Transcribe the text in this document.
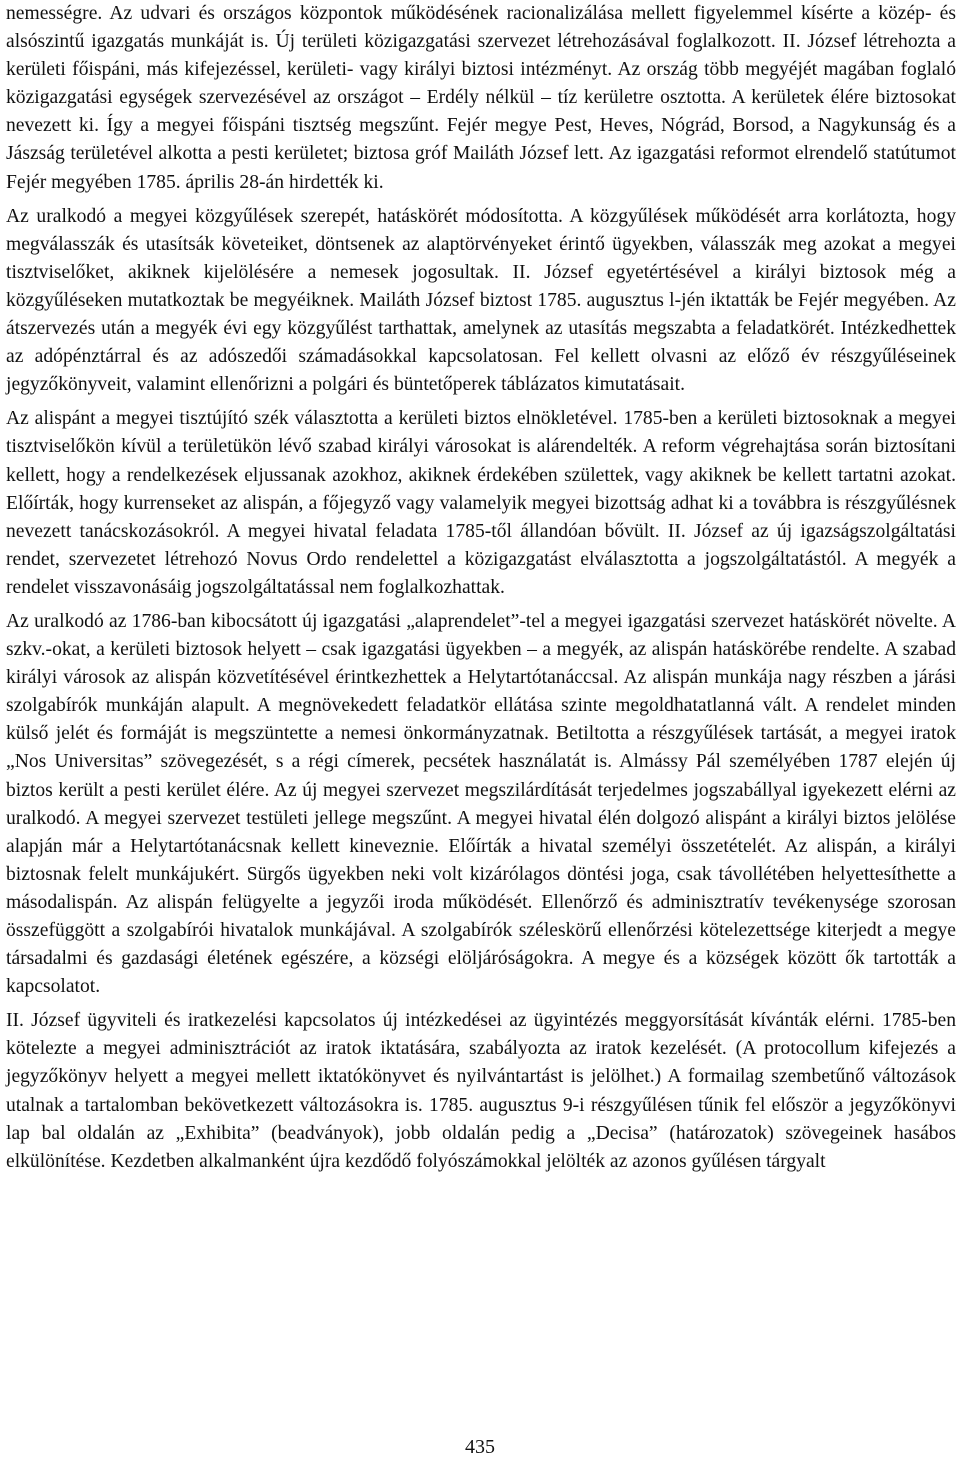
nemességre. Az udvari és országos központok működésének racionalizálása mellett figyelemmel kísérte a közép- és alsószintű igazgatás munkáját is. Új területi közigazgatási szervezet létrehozásával foglalkozott. II. József létrehozta a kerületi főispáni, más kifejezéssel, kerületi- vagy királyi biztosi intézményt. Az ország több megyéjét magában foglaló közigazgatási egységek szervezésével az országot – Erdély nélkül – tíz kerületre osztotta. A kerületek élére biztosokat nevezett ki. Így a megyei főispáni tisztség megszűnt. Fejér megye Pest, Heves, Nógrád, Borsod, a Nagykunság és a Jászság területével alkotta a pesti kerületet; biztosa gróf Mailáth József lett. Az igazgatási reformot elrendelő statútumot Fejér megyében 1785. április 28-án hirdették ki.

Az uralkodó a megyei közgyűlések szerepét, hatáskörét módosította. A közgyűlések működését arra korlátozta, hogy megválasszák és utasítsák követeiket, döntsenek az alaptörvényeket érintő ügyekben, válasszák meg azokat a megyei tisztviselőket, akiknek kijelölésére a nemesek jogosultak. II. József egyetértésével a királyi biztosok még a közgyűléseken mutatkoztak be megyéiknek. Mailáth József biztost 1785. augusztus l-jén iktatták be Fejér megyében. Az átszervezés után a megyék évi egy közgyűlést tarthattak, amelynek az utasítás megszabta a feladatkörét. Intézkedhettek az adópénztárral és az adószedői számadásokkal kapcsolatosan. Fel kellett olvasni az előző év részgyűléseinek jegyzőkönyveit, valamint ellenőrizni a polgári és büntetőperek táblázatos kimutatásait.

Az alispánt a megyei tisztújító szék választotta a kerületi biztos elnökletével. 1785-ben a kerületi biztosoknak a megyei tisztviselőkön kívül a területükön lévő szabad királyi városokat is alárendelték. A reform végrehajtása során biztosítani kellett, hogy a rendelkezések eljussanak azokhoz, akiknek érdekében születtek, vagy akiknek be kellett tartatni azokat. Előírták, hogy kurrenseket az alispán, a főjegyző vagy valamelyik megyei bizottság adhat ki a továbbra is részgyűlésnek nevezett tanácskozásokról. A megyei hivatal feladata 1785-től állandóan bővült. II. József az új igazságszolgáltatási rendet, szervezetet létrehozó Novus Ordo rendelettel a közigazgatást elválasztotta a jogszolgáltatástól. A megyék a rendelet visszavonásáig jogszolgáltatással nem foglalkozhattak.

Az uralkodó az 1786-ban kibocsátott új igazgatási „alaprendelet”-tel a megyei igazgatási szervezet hatáskörét növelte. A szkv.-okat, a kerületi biztosok helyett – csak igazgatási ügyekben – a megyék, az alispán hatáskörébe rendelte. A szabad királyi városok az alispán közvetítésével érintkezhettek a Helytartótanáccsal. Az alispán munkája nagy részben a járási szolgabírók munkáján alapult. A megnövekedett feladatkör ellátása szinte megoldhatatlanná vált. A rendelet minden külső jelét és formáját is megszüntette a nemesi önkormányzatnak. Betiltotta a részgyűlések tartását, a megyei iratok „Nos Universitas” szövegezését, s a régi címerek, pecsétek használatát is. Almássy Pál személyében 1787 elején új biztos került a pesti kerület élére. Az új megyei szervezet megszilárdítását terjedelmes jogszabállyal igyekezett elérni az uralkodó. A megyei szervezet testületi jellege megszűnt. A megyei hivatal élén dolgozó alispánt a királyi biztos jelölése alapján már a Helytartótanácsnak kellett kineveznie. Előírták a hivatal személyi összetételét. Az alispán, a királyi biztosnak felelt munkájukért. Sürgős ügyekben neki volt kizárólagos döntési joga, csak távollétében helyettesíthette a másodalispán. Az alispán felügyelte a jegyzői iroda működését. Ellenőrző és adminisztratív tevékenysége szorosan összefüggött a szolgabírói hivatalok munkájával. A szolgabírók széleskörű ellenőrzési kötelezettsége kiterjedt a megye társadalmi és gazdasági életének egészére, a községi elöljáróságokra. A megye és a községek között ők tartották a kapcsolatot.

II. József ügyviteli és iratkezelési kapcsolatos új intézkedései az ügyintézés meggyorsítását kívánták elérni. 1785-ben kötelezte a megyei adminisztrációt az iratok iktatására, szabályozta az iratok kezelését. (A protocollum kifejezés a jegyzőkönyv helyett a megyei mellett iktatókönyvet és nyilvántartást is jelölhet.) A formailag szembetűnő változások utalnak a tartalomban bekövetkezett változásokra is. 1785. augusztus 9-i részgyűlésen tűnik fel először a jegyzőkönyvi lap bal oldalán az „Exhibita” (beadványok), jobb oldalán pedig a „Decisa” (határozatok) szövegeinek hasábos elkülönítése. Kezdetben alkalmanként újra kezdődő folyószámokkal jelölték az azonos gyűlésen tárgyalt

435
